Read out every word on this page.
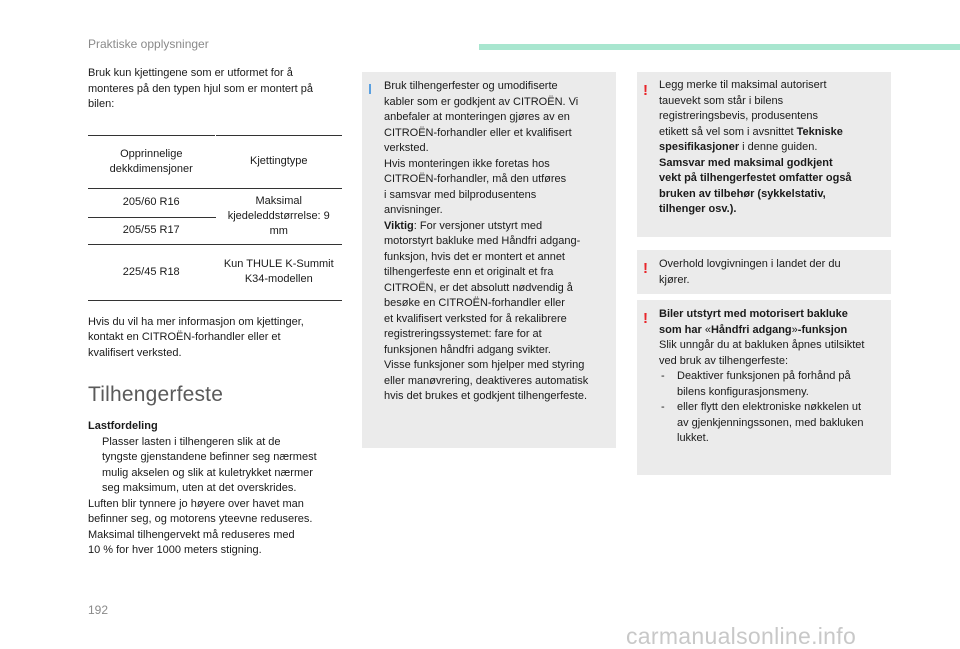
Praktiske opplysninger

Bruk kun kjettingene som er utformet for å

monteres på den typen hjul som er montert på

bilen:

Opprinnelige dekkdimensjoner	Kjettingtype
205/60 R16	Maksimal kjedeleddstørrelse: 9 mm
205/55 R17	
225/45 R18	Kun THULE K-Summit K34-modellen

Hvis du vil ha mer informasjon om kjettinger,

kontakt en CITROËN-forhandler eller et

kvalifisert verksted.

Tilhengerfeste
Lastfordeling

Plasser lasten i tilhengeren slik at de

tyngste gjenstandene befinner seg nærmest

mulig akselen og slik at kuletrykket nærmer

seg maksimum, uten at det overskrides.

Luften blir tynnere jo høyere over havet man

befinner seg, og motorens yteevne reduseres.

Maksimal tilhengervekt må reduseres med

10 % for hver 1000 meters stigning.

Bruk tilhengerfester og umodifiserte

kabler som er godkjent av CITROËN. Vi

anbefaler at monteringen gjøres av en

CITROËN-forhandler eller et kvalifisert

verksted.

Hvis monteringen ikke foretas hos

CITROËN-forhandler, må den utføres

i samsvar med bilprodusentens

anvisninger.

Viktig: For versjoner utstyrt med

motorstyrt bakluke med Håndfri adgang-

funksjon, hvis det er montert et annet

tilhengerfeste enn et originalt et fra

CITROËN, er det absolutt nødvendig å

besøke en CITROËN-forhandler eller

et kvalifisert verksted for å rekalibrere

registreringssystemet: fare for at

funksjonen håndfri adgang svikter.

Visse funksjoner som hjelper med styring

eller manøvrering, deaktiveres automatisk

hvis det brukes et godkjent tilhengerfeste.

! Legg merke til maksimal autorisert

tauevekt som står i bilens

registreringsbevis, produsentens

etikett så vel som i avsnittet Tekniske

spesifikasjoner i denne guiden.

Samsvar med maksimal godkjent

vekt på tilhengerfestet omfatter også

bruken av tilbehør (sykkelstativ,

tilhenger osv.).

! Overhold lovgivningen i landet der du

kjører.

! Biler utstyrt med motorisert bakluke

som har «Håndfri adgang»-funksjon

Slik unngår du at bakluken åpnes utilsiktet

ved bruk av tilhengerfeste:

-	Deaktiver funksjonen på forhånd på

bilens konfigurasjonsmeny.

-	eller flytt den elektroniske nøkkelen ut

av gjenkjenningssonen, med bakluken

lukket.

192
carmanualsonline.info
